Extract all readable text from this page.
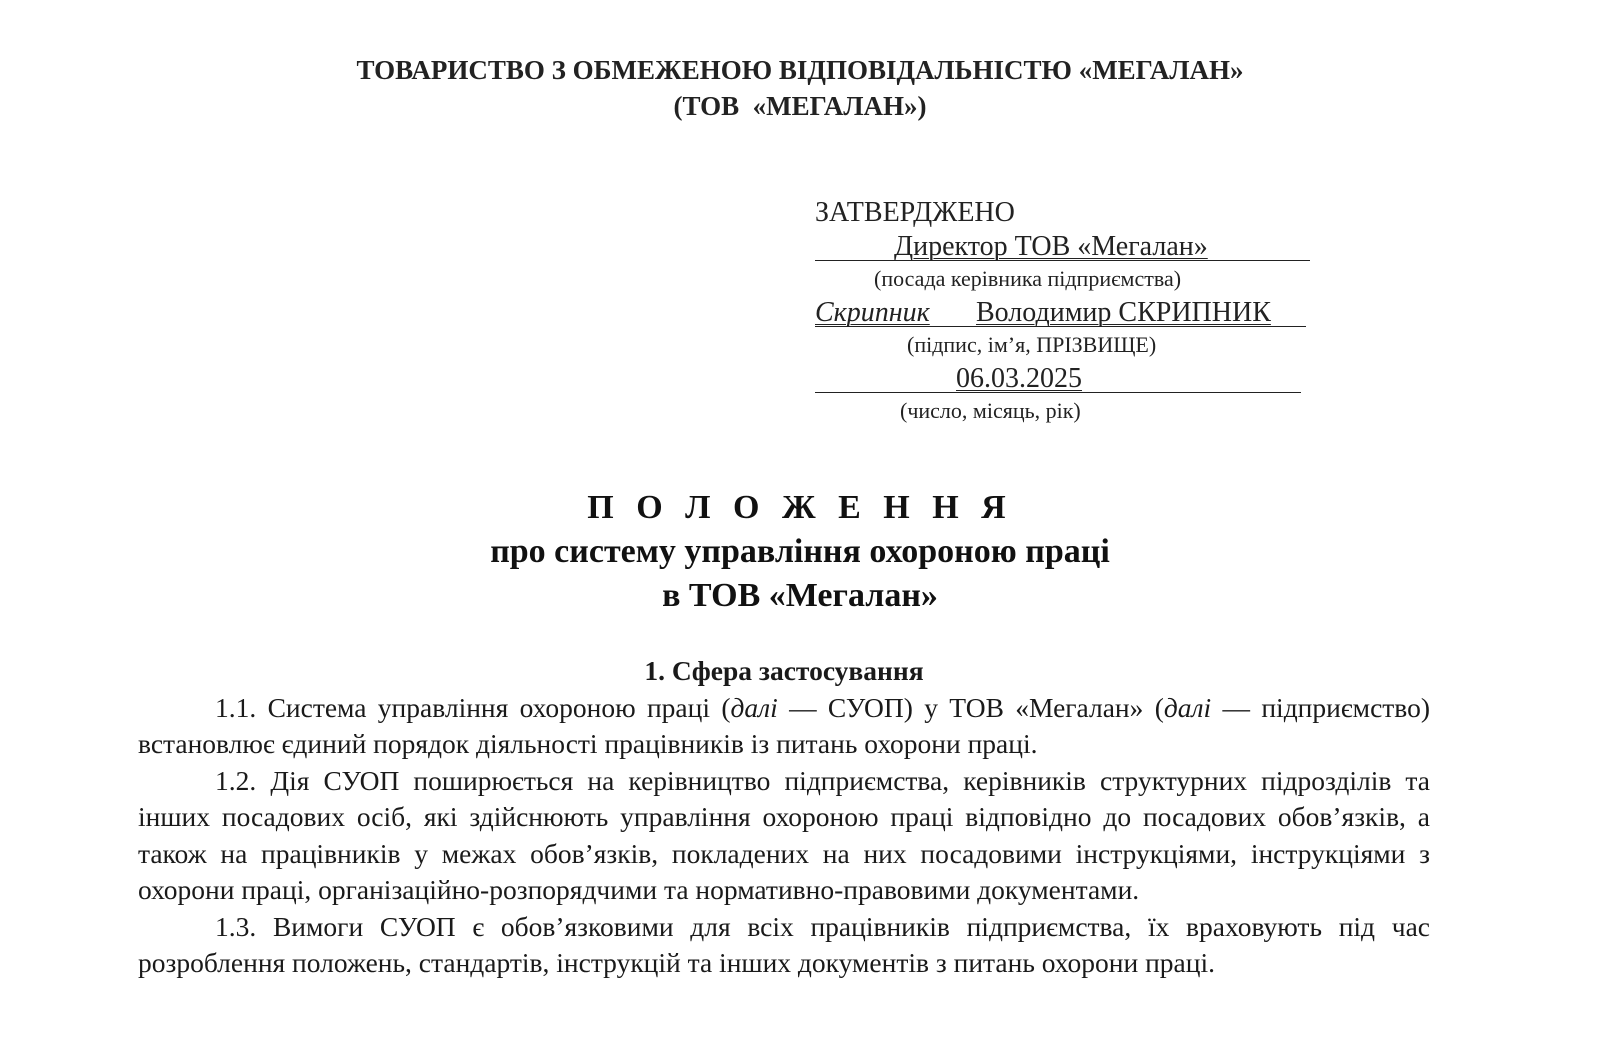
ТОВАРИСТВО З ОБМЕЖЕНОЮ ВІДПОВІДАЛЬНІСТЮ «МЕГАЛАН»
(ТОВ  «МЕГАЛАН»)
ЗАТВЕРДЖЕНО
Директор ТОВ «Мегалан»
(посада керівника підприємства)
Скрипник Володимир СКРИПНИК
(підпис, ім’я, ПРІЗВИЩЕ)
06.03.2025
(число, місяць, рік)
П О Л О Ж Е Н Н Я
про систему управління охороною праці
в ТОВ «Мегалан»
1. Сфера застосування

1.1. Система управління охороною праці (далі — СУОП) у ТОВ «Мегалан» (далі — підприємство) встановлює єдиний порядок діяльності працівників із питань охорони праці.

1.2. Дія СУОП поширюється на керівництво підприємства, керівників структурних підрозділів та інших посадових осіб, які здійснюють управління охороною праці відповідно до посадових обов’язків, а також на працівників у межах обов’язків, покладених на них посадовими інструкціями, інструкціями з охорони праці, організаційно-розпорядчими та нормативно-правовими документами.

1.3. Вимоги СУОП є обов’язковими для всіх працівників підприємства, їх враховують під час розроблення положень, стандартів, інструкцій та інших документів з питань охорони праці.
